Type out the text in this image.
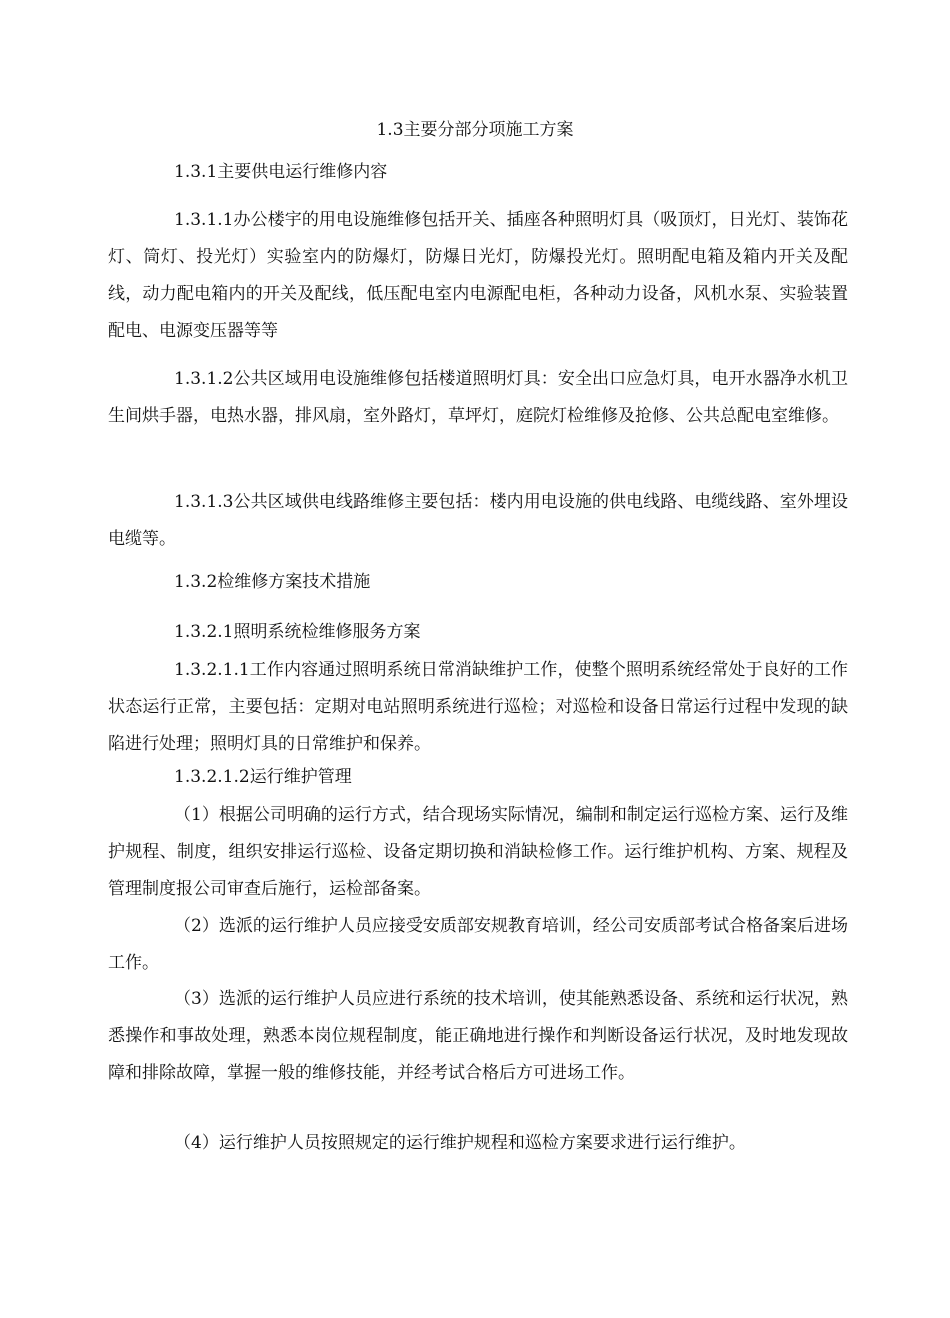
1.3主要分部分项施工方案

1.3.1主要供电运行维修内容

1.3.1.1办公楼宇的用电设施维修包括开关、插座各种照明灯具（吸顶灯，日光灯、装饰花灯、筒灯、投光灯）实验室内的防爆灯，防爆日光灯，防爆投光灯。照明配电箱及箱内开关及配线，动力配电箱内的开关及配线，低压配电室内电源配电柜，各种动力设备，风机水泵、实验装置配电、电源变压器等等

1.3.1.2公共区域用电设施维修包括楼道照明灯具：安全出口应急灯具，电开水器净水机卫生间烘手器，电热水器，排风扇，室外路灯，草坪灯，庭院灯检维修及抢修、公共总配电室维修。

1.3.1.3公共区域供电线路维修主要包括：楼内用电设施的供电线路、电缆线路、室外埋设电缆等。

1.3.2检维修方案技术措施

1.3.2.1照明系统检维修服务方案

1.3.2.1.1工作内容通过照明系统日常消缺维护工作，使整个照明系统经常处于良好的工作状态运行正常，主要包括：定期对电站照明系统进行巡检；对巡检和设备日常运行过程中发现的缺陷进行处理；照明灯具的日常维护和保养。

1.3.2.1.2运行维护管理

（1）根据公司明确的运行方式，结合现场实际情况，编制和制定运行巡检方案、运行及维护规程、制度，组织安排运行巡检、设备定期切换和消缺检修工作。运行维护机构、方案、规程及管理制度报公司审查后施行，运检部备案。

（2）选派的运行维护人员应接受安质部安规教育培训，经公司安质部考试合格备案后进场工作。

（3）选派的运行维护人员应进行系统的技术培训，使其能熟悉设备、系统和运行状况，熟悉操作和事故处理，熟悉本岗位规程制度，能正确地进行操作和判断设备运行状况，及时地发现故障和排除故障，掌握一般的维修技能，并经考试合格后方可进场工作。

（4）运行维护人员按照规定的运行维护规程和巡检方案要求进行运行维护。
